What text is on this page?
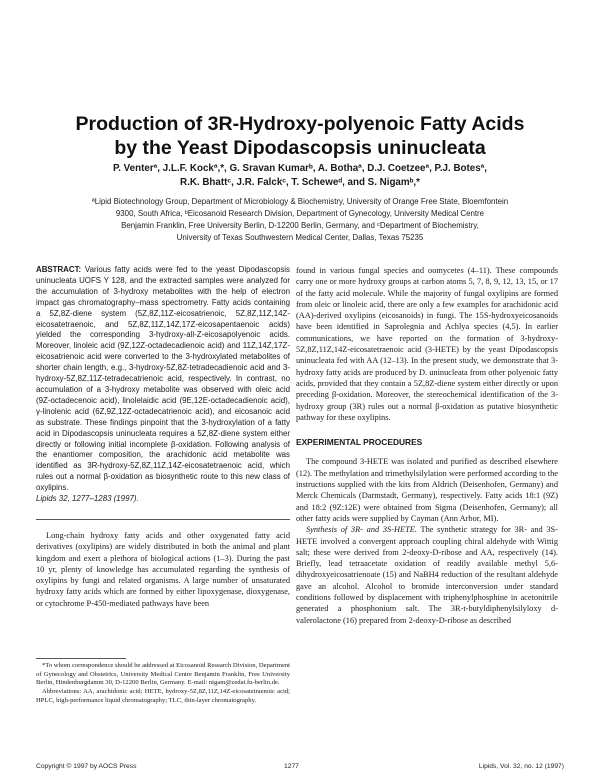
Production of 3R-Hydroxy-polyenoic Fatty Acids
by the Yeast Dipodascopsis uninucleata
P. Venterª, J.L.F. Kockª,*, G. Sravan Kumarᵇ, A. Bothaª, D.J. Coetzeeª, P.J. Botesª,
R.K. Bhattᶜ, J.R. Falckᶜ, T. Scheweᵈ, and S. Nigamᵇ,*
ªLipid Biotechnology Group, Department of Microbiology & Biochemistry, University of Orange Free State, Bloemfontein
9300, South Africa, ᵇEicosanoid Research Division, Department of Gynecology, University Medical Centre
Benjamin Franklin, Free University Berlin, D-12200 Berlin, Germany, and ᶜDepartment of Biochemistry,
University of Texas Southwestern Medical Center, Dallas, Texas 75235
ABSTRACT: Various fatty acids were fed to the yeast Dipodascopsis uninucleata UOFS Y 128, and the extracted samples were analyzed for the accumulation of 3-hydroxy metabolites with the help of electron impact gas chromatography–mass spectrometry. Fatty acids containing a 5Z,8Z-diene system (5Z,8Z,11Z-eicosatrienoic, 5Z,8Z,11Z,14Z-eicosatetraenoic, and 5Z,8Z,11Z,14Z,17Z-eicosapentaenoic acids) yielded the corresponding 3-hydroxy-all-Z-eicosapolyenoic acids. Moreover, linoleic acid (9Z,12Z-octadecadienoic acid) and 11Z,14Z,17Z-eicosatrienoic acid were converted to the 3-hydroxylated metabolites of shorter chain length, e.g., 3-hydroxy-5Z,8Z-tetradecadienoic acid and 3-hydroxy-5Z,8Z,11Z-tetradecatrienoic acid, respectively. In contrast, no accumulation of a 3-hydroxy metabolite was observed with oleic acid (9Z-octadecenoic acid), linolelaidic acid (9E,12E-octadecadienoic acid), γ-linolenic acid (6Z,9Z,12Z-octadecatrienoic acid), and eicosanoic acid as substrate. These findings pinpoint that the 3-hydroxylation of a fatty acid in Dipodascopsis uninucleata requires a 5Z,8Z-diene system either directly or following initial incomplete β-oxidation. Following analysis of the enantiomer composition, the arachidonic acid metabolite was identified as 3R-hydroxy-5Z,8Z,11Z,14Z-eicosatetraenoic acid, which rules out a normal β-oxidation as biosynthetic route to this new class of oxylipins.
Lipids 32, 1277–1283 (1997).

Long-chain hydroxy fatty acids and other oxygenated fatty acid derivatives (oxylipins) are widely distributed in both the animal and plant kingdom and exert a plethora of biological actions (1–3). During the past 10 yr, plenty of knowledge has accumulated regarding the synthesis of oxylipins by fungi and related organisms. A large number of unsaturated hydroxy fatty acids which are formed by either lipoxygenase, dioxygenase, or cytochrome P-450-mediated pathways have been

*To whom correspondence should be addressed at Eicosanoid Research Division, Department of Gynecology and Obstetrics, University Medical Centre Benjamin Franklin, Free University Berlin, Hindenburgdamm 30, D-12200 Berlin, Germany. E-mail: nigam@zedat.fu-berlin.de.

Abbreviations: AA, arachidonic acid; HETE, hydroxy-5Z,8Z,11Z,14Z-eicosatetraenoic acid; HPLC, high-performance liquid chromatography; TLC, thin-layer chromatography.

found in various fungal species and oomycetes (4–11). These compounds carry one or more hydroxy groups at carbon atoms 5, 7, 8, 9, 12, 13, 15, or 17 of the fatty acid molecule. While the majority of fungal oxylipins are formed from oleic or linoleic acid, there are only a few examples for arachidonic acid (AA)-derived oxylipins (eicosanoids) in fungi. The 15S-hydroxyeicosanoids have been identified in Saprolegnia and Achlya species (4,5). In earlier communications, we have reported on the formation of 3-hydroxy-5Z,8Z,11Z,14Z-eicosatetraenoic acid (3-HETE) by the yeast Dipodascopsis uninucleata fed with AA (12–13). In the present study, we demonstrate that 3-hydroxy fatty acids are produced by D. uninucleata from other polyenoic fatty acids, provided that they contain a 5Z,8Z-diene system either directly or upon preceding β-oxidation. Moreover, the stereochemical identification of the 3-hydroxy group (3R) rules out a normal β-oxidation as putative biosynthetic pathway for these oxylipins.

EXPERIMENTAL PROCEDURES

The compound 3-HETE was isolated and purified as described elsewhere (12). The methylation and trimethylsilylation were performed according to the instructions supplied with the kits from Aldrich (Deisenhofen, Germany) and Merck Chemicals (Darmstadt, Germany), respectively. Fatty acids 18:1 (9Z) and 18:2 (9Z:12E) were obtained from Sigma (Deisenhofen, Germany); all other fatty acids were supplied by Cayman (Ann Arbor, MI).

Synthesis of 3R- and 3S-HETE. The synthetic strategy for 3R- and 3S-HETE involved a convergent approach coupling chiral aldehyde with Wittig salt; these were derived from 2-deoxy-D-ribose and AA, respectively (14). Briefly, lead tetraacetate oxidation of readily available methyl 5,6-dihydroxyeicosatrienoate (15) and NaBH4 reduction of the resultant aldehyde gave an alcohol. Alcohol to bromide interconversion under standard conditions followed by displacement with triphenylphosphine in acetonitrile generated a phosphonium salt. The 3R-t-butyldiphenylsilyloxy d-valerolactone (16) prepared from 2-deoxy-D-ribose as described

Copyright © 1997 by AOCS Press	1277	Lipids, Vol. 32, no. 12 (1997)
